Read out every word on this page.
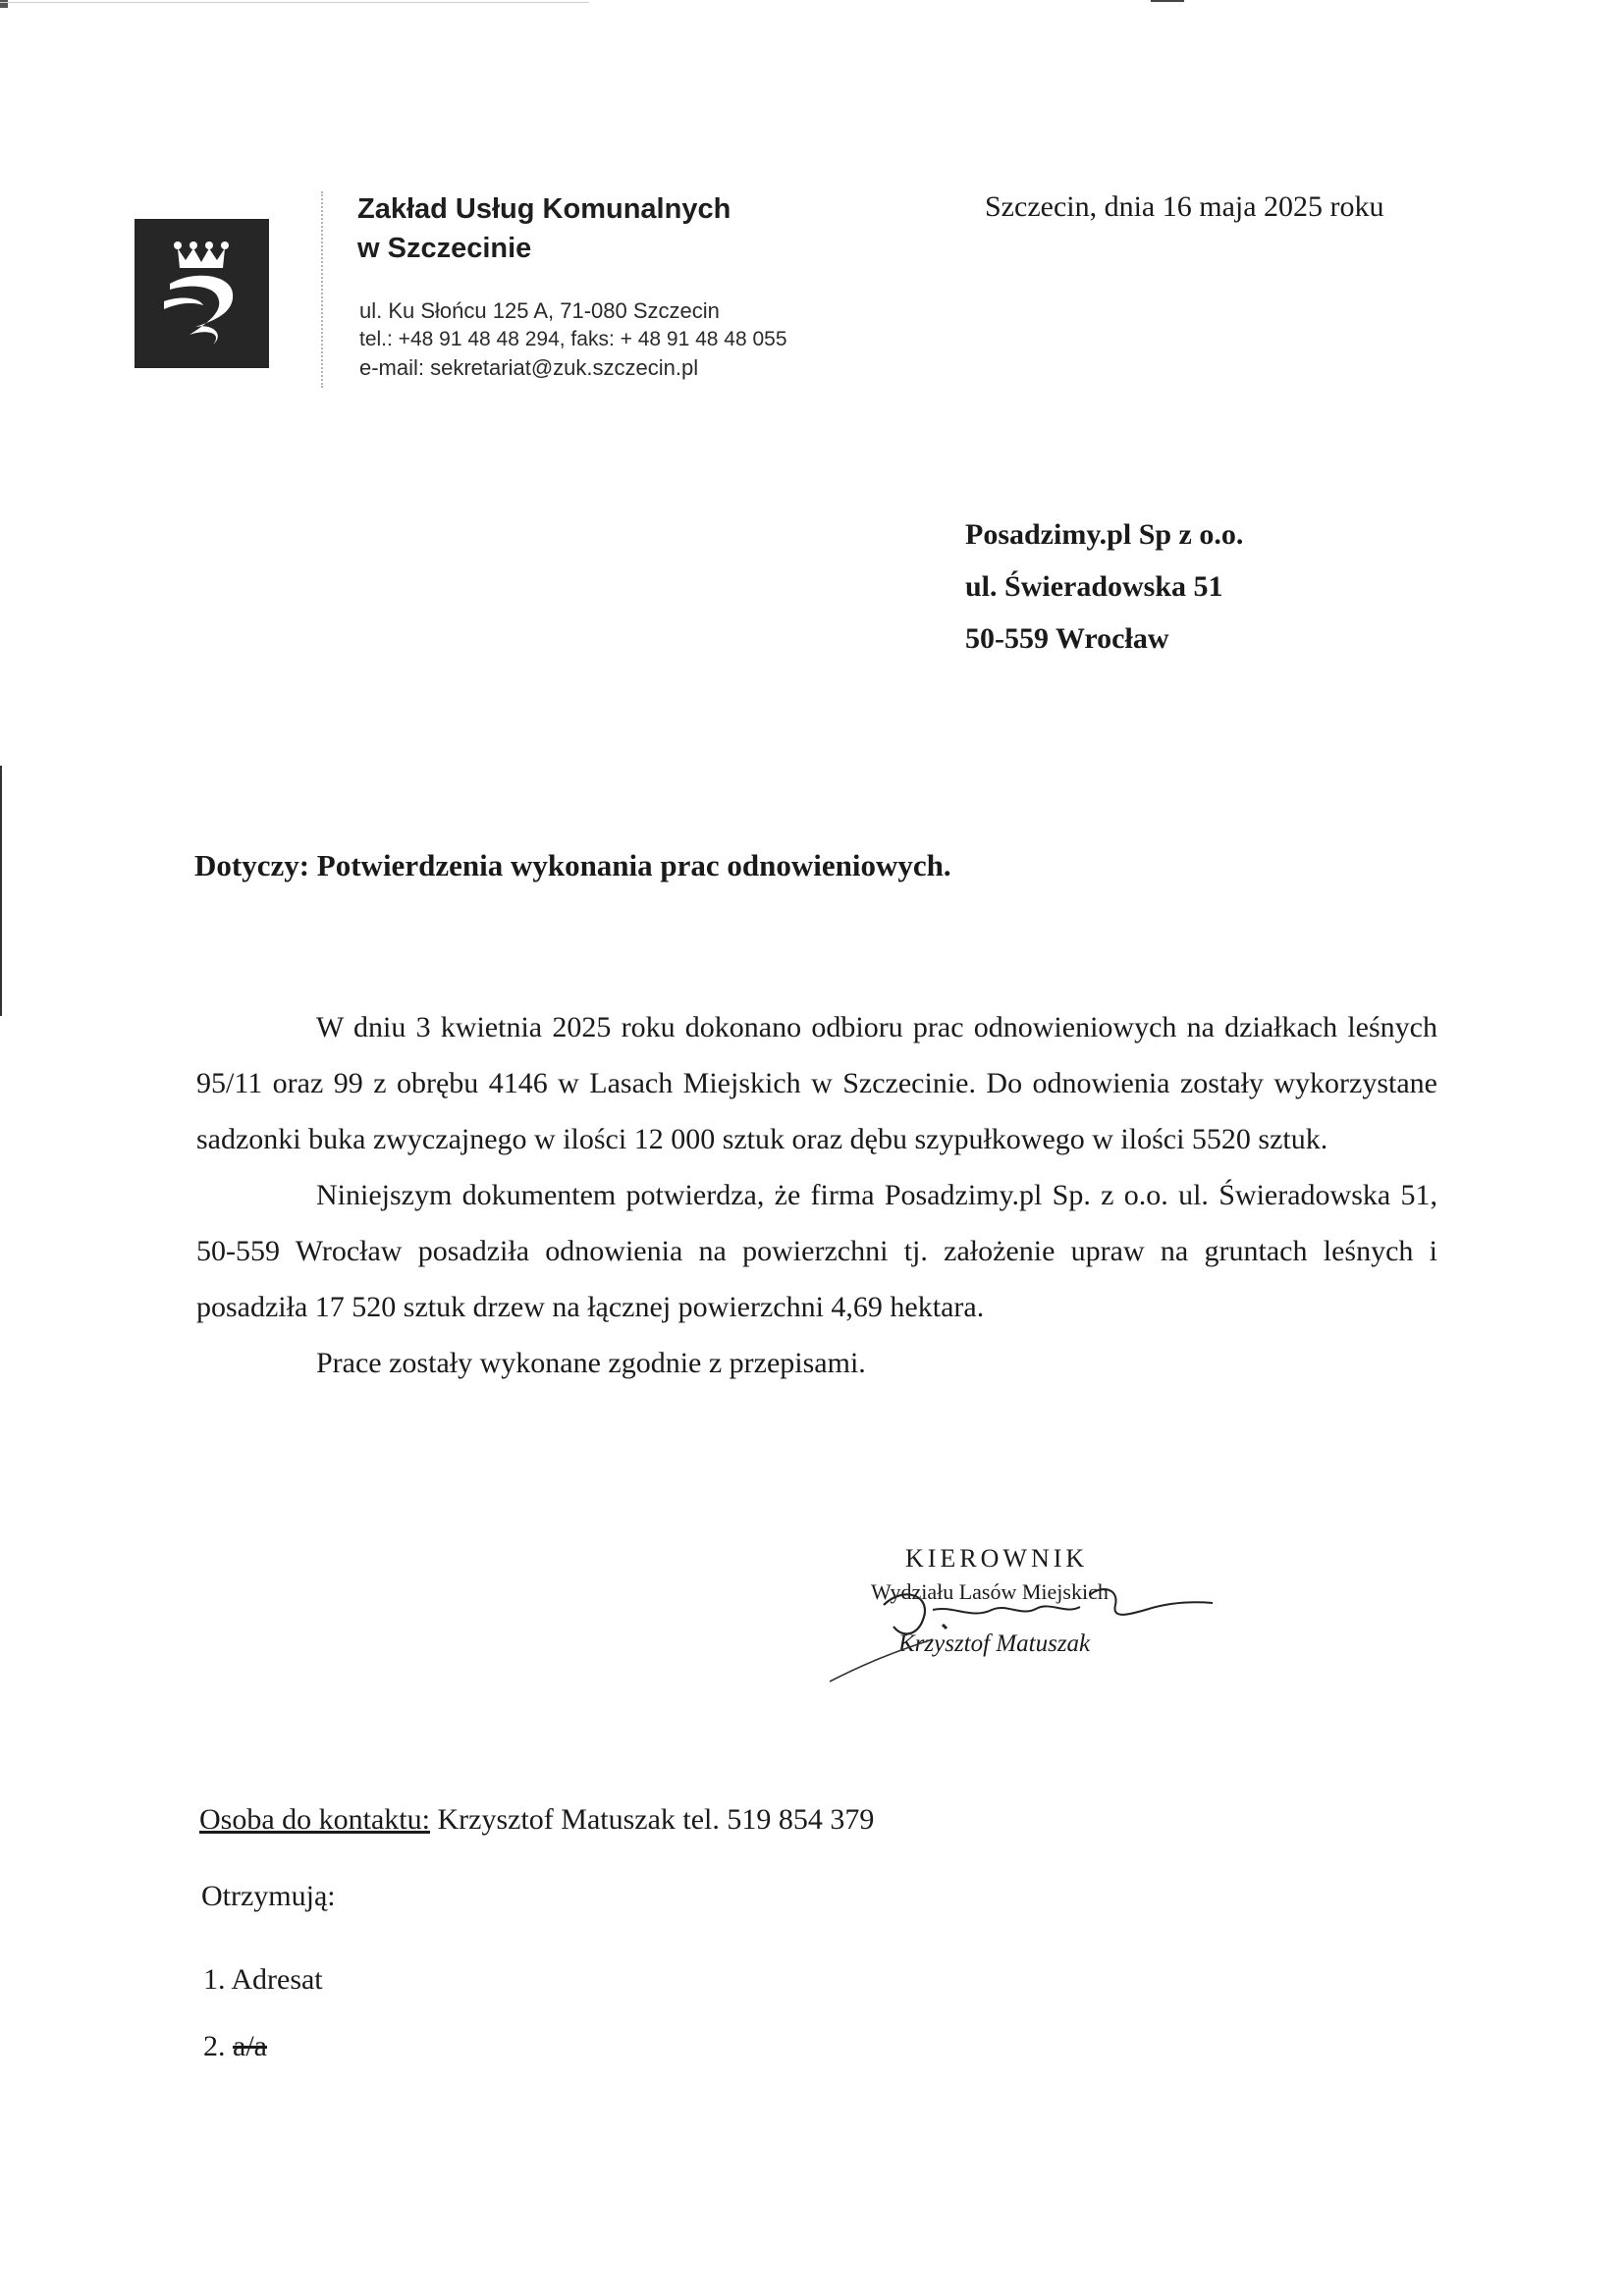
Zakład Usług Komunalnych
w Szczecinie
ul. Ku Słońcu 125 A, 71-080 Szczecin
tel.: +48 91 48 48 294, faks: + 48 91 48 48 055
e-mail: sekretariat@zuk.szczecin.pl
Szczecin, dnia 16 maja 2025 roku
Posadzimy.pl Sp z o.o.
ul. Świeradowska 51
50-559 Wrocław
Dotyczy: Potwierdzenia wykonania prac odnowieniowych.

W dniu 3 kwietnia 2025 roku dokonano odbioru prac odnowieniowych na działkach leśnych 95/11 oraz 99 z obrębu 4146 w Lasach Miejskich w Szczecinie. Do odnowienia zostały wykorzystane sadzonki buka zwyczajnego w ilości 12 000 sztuk oraz dębu szypułkowego w ilości 5520 sztuk.

Niniejszym dokumentem potwierdza, że firma Posadzimy.pl Sp. z o.o. ul. Świeradowska 51, 50-559 Wrocław posadziła odnowienia na powierzchni tj. założenie upraw na gruntach leśnych i posadziła 17 520 sztuk drzew na łącznej powierzchni 4,69 hektara.

Prace zostały wykonane zgodnie z przepisami.

KIEROWNIK
Wydziału Lasów Miejskich
Krzysztof Matuszak
Osoba do kontaktu: Krzysztof Matuszak tel. 519 854 379
Otrzymują:
1. Adresat
2. a/a
